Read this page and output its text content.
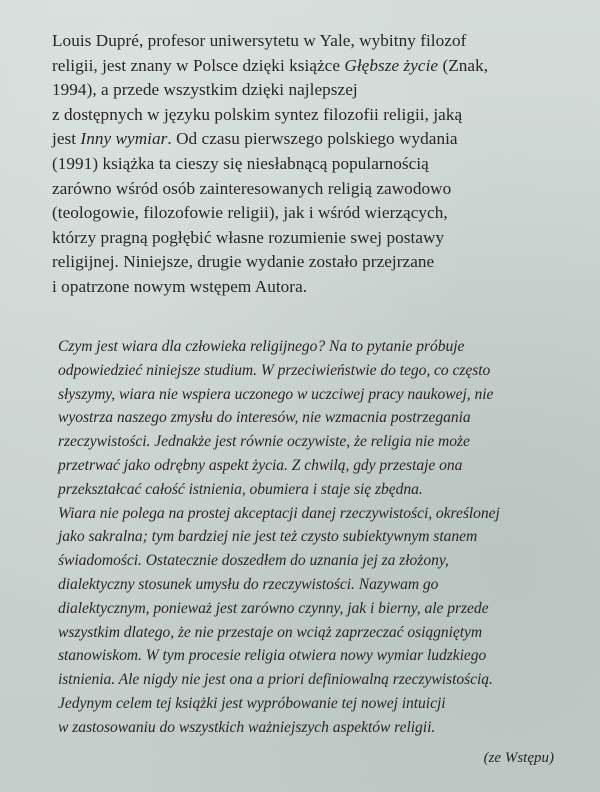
Louis Dupré, profesor uniwersytetu w Yale, wybitny filozof
religii, jest znany w Polsce dzięki książce Głębsze życie (Znak,
1994), a przede wszystkim dzięki najlepszej
z dostępnych w języku polskim syntez filozofii religii, jaką
jest Inny wymiar. Od czasu pierwszego polskiego wydania
(1991) książka ta cieszy się niesłabnącą popularnością
zarówno wśród osób zainteresowanych religią zawodowo
(teologowie, filozofowie religii), jak i wśród wierzących,
którzy pragną pogłębić własne rozumienie swej postawy
religijnej. Niniejsze, drugie wydanie zostało przejrzane
i opatrzone nowym wstępem Autora.
Czym jest wiara dla człowieka religijnego? Na to pytanie próbuje
odpowiedzieć niniejsze studium. W przeciwieństwie do tego, co często
słyszymy, wiara nie wspiera uczonego w uczciwej pracy naukowej, nie
wyostrza naszego zmysłu do interesów, nie wzmacnia postrzegania
rzeczywistości. Jednakże jest równie oczywiste, że religia nie może
przetrwać jako odrębny aspekt życia. Z chwilą, gdy przestaje ona
przekształcać całość istnienia, obumiera i staje się zbędna.
Wiara nie polega na prostej akceptacji danej rzeczywistości, określonej
jako sakralna; tym bardziej nie jest też czysto subiektywnym stanem
świadomości. Ostatecznie doszedłem do uznania jej za złożony,
dialektyczny stosunek umysłu do rzeczywistości. Nazywam go
dialektycznym, ponieważ jest zarówno czynny, jak i bierny, ale przede
wszystkim dlatego, że nie przestaje on wciąż zaprzeczać osiągniętym
stanowiskom. W tym procesie religia otwiera nowy wymiar ludzkiego
istnienia. Ale nigdy nie jest ona a priori definiowalną rzeczywistością.
Jedynym celem tej książki jest wypróbowanie tej nowej intuicji
w zastosowaniu do wszystkich ważniejszych aspektów religii.
(ze Wstępu)
